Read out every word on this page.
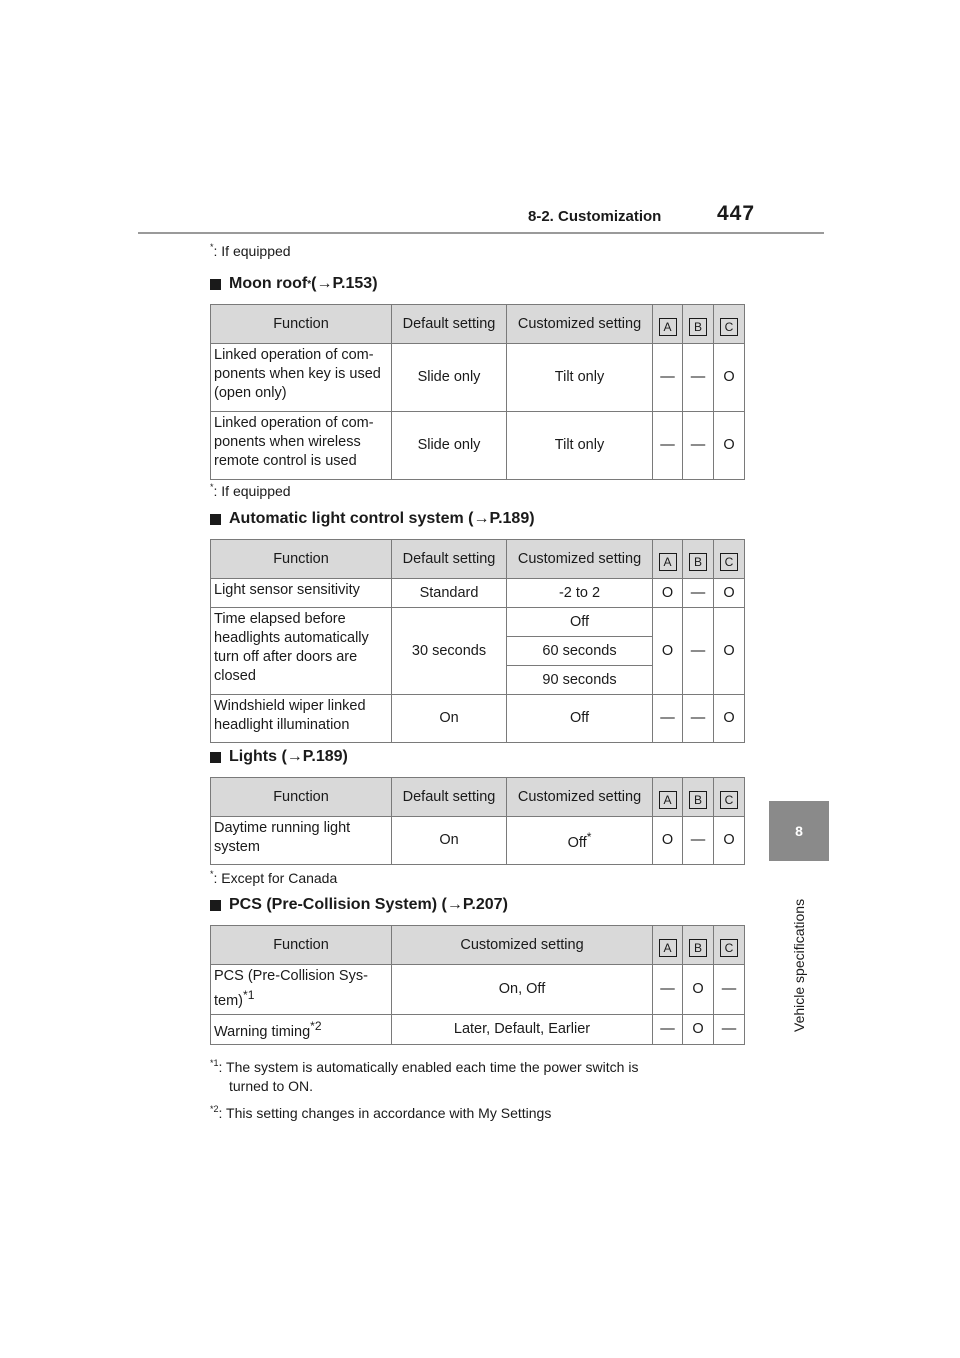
8-2. Customization	447
8
Vehicle specifications
*: If equipped
Moon roof * (→P.153)
Function	Default setting	Customized setting	A	B	C
Linked operation of com-ponents when key is used (open only)	Slide only	Tilt only	—	—	O
Linked operation of com-ponents when wireless remote control is used	Slide only	Tilt only	—	—	O
*: If equipped
Automatic light control system (→P.189)
Function	Default setting	Customized setting	A	B	C
Light sensor sensitivity	Standard	-2 to 2	O	—	O
Time elapsed before headlights automatically turn off after doors are closed	30 seconds	Off	O	—	O
		60 seconds			
		90 seconds			
Windshield wiper linked headlight illumination	On	Off	—	—	O
Lights (→P.189)
Function	Default setting	Customized setting	A	B	C
Daytime running light system	On	Off*	O	—	O
*: Except for Canada
PCS (Pre-Collision System) (→P.207)
Function	Customized setting	A	B	C
PCS (Pre-Collision Sys-tem)$^{*1}$	On, Off	—	O	—
Warning timing$^{*2}$	Later, Default, Earlier	—	O	—
$^{*1}$: The system is automatically enabled each time the power switch is
turned to ON.
$^{*2}$: This setting changes in accordance with My Settings
